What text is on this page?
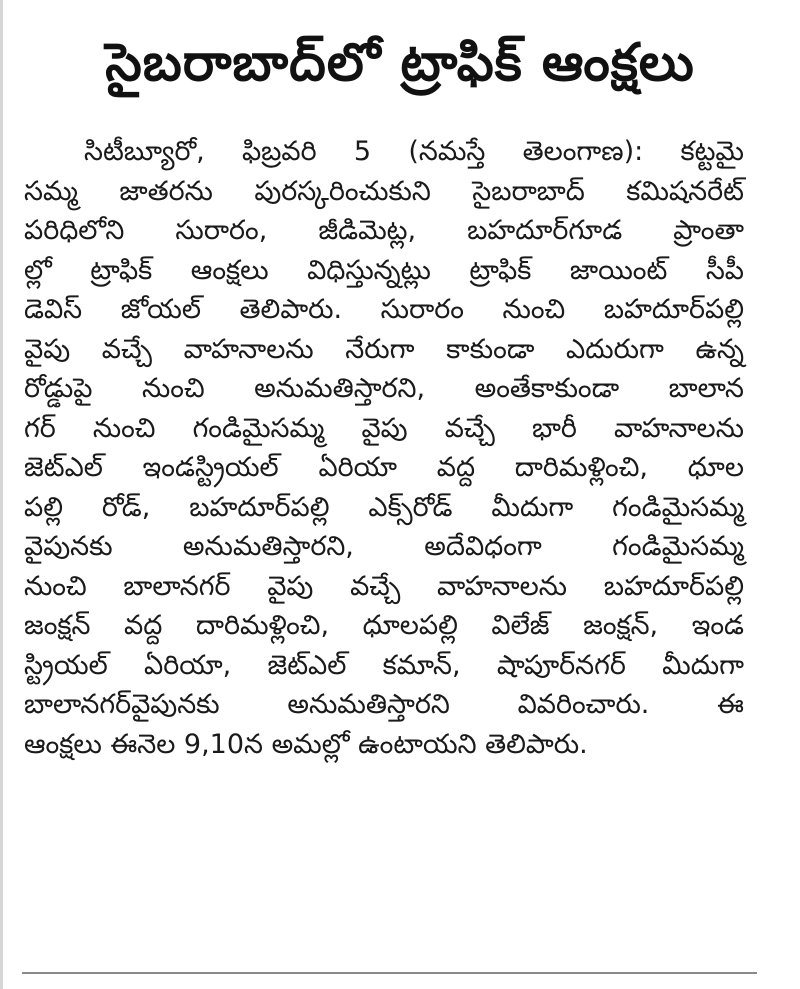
సైబరాబాద్‌లో ట్రాఫిక్ ఆంక్షలు
సిటీబ్యూరో, ఫిబ్రవరి 5 (నమస్తే తెలంగాణ): కట్టమై
సమ్మ జాతరను పురస్కరించుకుని సైబరాబాద్ కమిషనరేట్
పరిధిలోని సురారం, జీడిమెట్ల, బహదూర్‌గూడ ప్రాంతా
ల్లో ట్రాఫిక్ ఆంక్షలు విధిస్తున్నట్లు ట్రాఫిక్ జాయింట్ సీపీ
డెవిస్ జోయల్ తెలిపారు. సురారం నుంచి బహదూర్‌పల్లి
వైపు వచ్చే వాహనాలను నేరుగా కాకుండా ఎదురుగా ఉన్న
రోడ్డుపై నుంచి అనుమతిస్తారని, అంతేకాకుండా బాలాన
గర్ నుంచి గండిమైసమ్మ వైపు వచ్చే భారీ వాహనాలను
జెట్‌ఎల్ ఇండస్ట్రియల్ ఏరియా వద్ద దారిమళ్లించి, ధూల
పల్లి రోడ్, బహదూర్‌పల్లి ఎక్స్‌రోడ్ మీదుగా గండిమైసమ్మ
వైపునకు అనుమతిస్తారని, అదేవిధంగా గండిమైసమ్మ
నుంచి బాలానగర్ వైపు వచ్చే వాహనాలను బహదూర్‌పల్లి
జంక్షన్ వద్ద దారిమళ్లించి, ధూలపల్లి విలేజ్ జంక్షన్, ఇండ
స్ట్రియల్ ఏరియా, జెట్‌ఎల్ కమాన్, షాపూర్‌నగర్ మీదుగా
బాలానగర్‌వైపునకు అనుమతిస్తారని వివరించారు. ఈ
ఆంక్షలు ఈనెల 9,10న అమల్లో ఉంటాయని తెలిపారు.
